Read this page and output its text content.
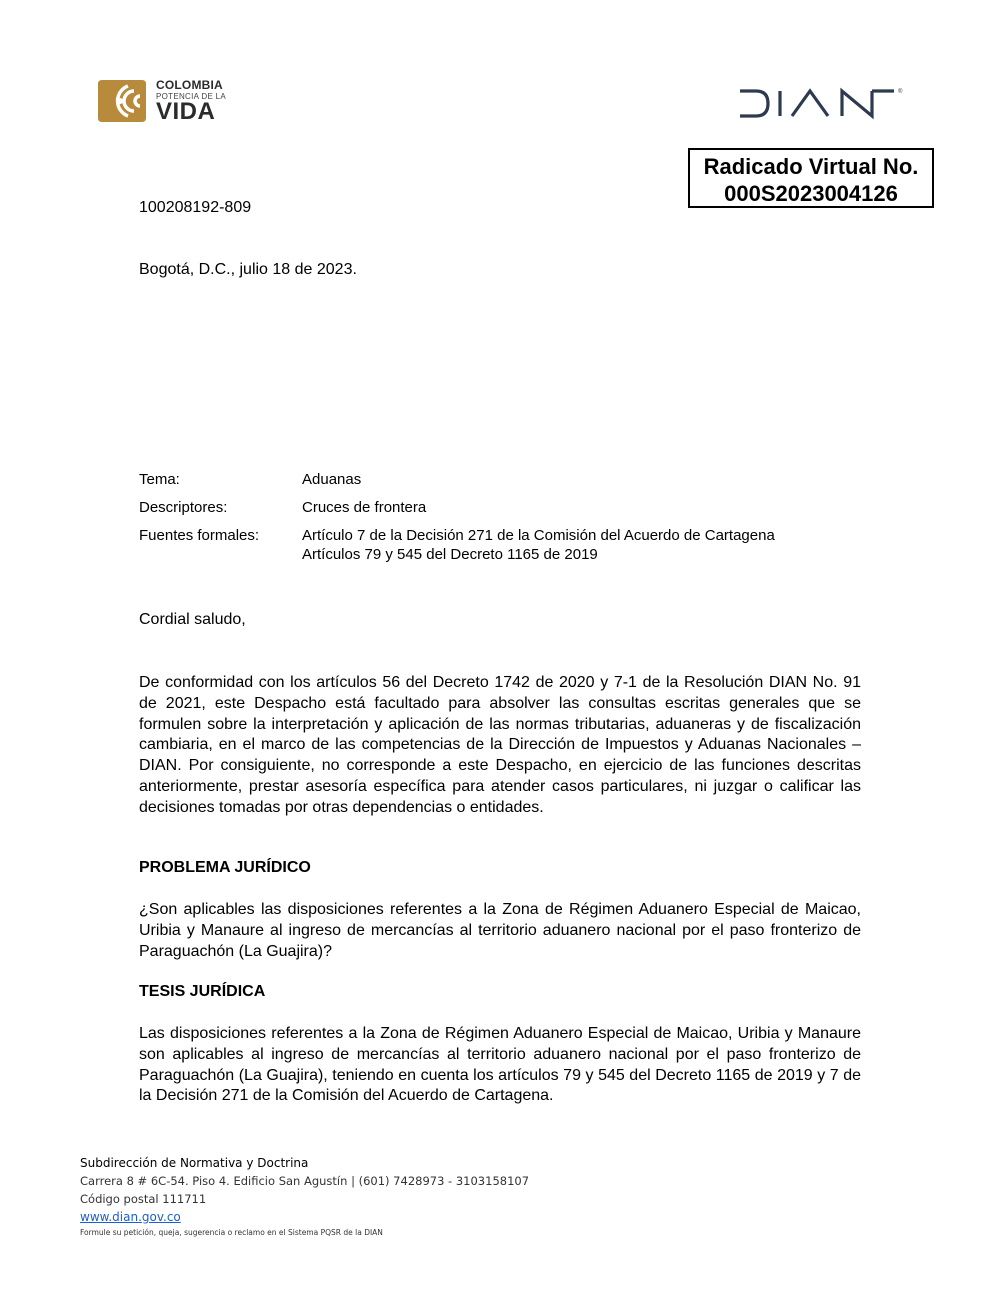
COLOMBIA
POTENCIA DE LA
VIDA
®
Radicado Virtual No.
000S2023004126
100208192-809
Bogotá, D.C., julio 18 de 2023.
Tema:	Aduanas
Descriptores:	Cruces de frontera
Fuentes formales:	Artículo 7 de la Decisión 271 de la Comisión del Acuerdo de Cartagena
Artículos 79 y 545 del Decreto 1165 de 2019
Cordial saludo,
De conformidad con los artículos 56 del Decreto 1742 de 2020 y 7-1 de la Resolución DIAN No. 91 de 2021, este Despacho está facultado para absolver las consultas escritas generales que se formulen sobre la interpretación y aplicación de las normas tributarias, aduaneras y de fiscalización cambiaria, en el marco de las competencias de la Dirección de Impuestos y Aduanas Nacionales – DIAN. Por consiguiente, no corresponde a este Despacho, en ejercicio de las funciones descritas anteriormente, prestar asesoría específica para atender casos particulares, ni juzgar o calificar las decisiones tomadas por otras dependencias o entidades.
PROBLEMA JURÍDICO
¿Son aplicables las disposiciones referentes a la Zona de Régimen Aduanero Especial de Maicao, Uribia y Manaure al ingreso de mercancías al territorio aduanero nacional por el paso fronterizo de Paraguachón (La Guajira)?
TESIS JURÍDICA
Las disposiciones referentes a la Zona de Régimen Aduanero Especial de Maicao, Uribia y Manaure son aplicables al ingreso de mercancías al territorio aduanero nacional por el paso fronterizo de Paraguachón (La Guajira), teniendo en cuenta los artículos 79 y 545 del Decreto 1165 de 2019 y 7 de la Decisión 271 de la Comisión del Acuerdo de Cartagena.
Subdirección de Normativa y Doctrina
Carrera 8 # 6C-54. Piso 4. Edificio San Agustín | (601) 7428973 - 3103158107
Código postal 111711
www.dian.gov.co
Formule su petición, queja, sugerencia o reclamo en el Sistema PQSR de la DIAN
